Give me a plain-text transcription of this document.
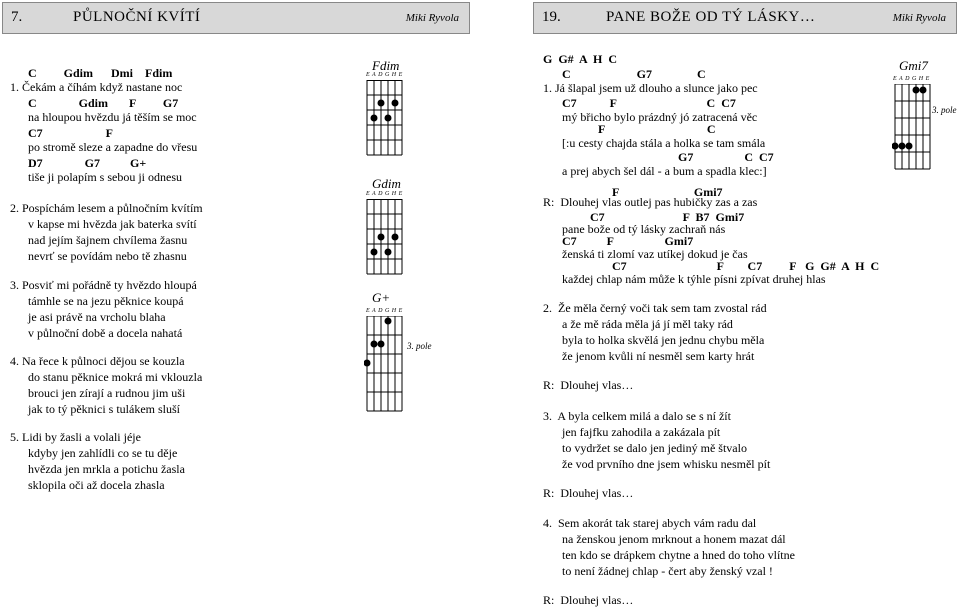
7.	PŮLNOČNÍ KVÍTÍ	Miki Ryvola	19.	PANE BOŽE OD TÝ LÁSKY…	Miki Ryvola
C         Gdim      Dmi    Fdim
1. Čekám a číhám když nastane noc
C              Gdim       F         G7
na hloupou hvězdu já těším se moc
C7                     F
po stromě sleze a zapadne do vřesu
D7              G7          G+
tiše ji polapím s sebou ji odnesu
2. Pospíchám lesem a půlnočním kvítím
v kapse mi hvězda jak baterka svítí
nad jejím šajnem chvílema žasnu
nevrť se povídám nebo tě zhasnu
3. Posviť mi pořádně ty hvězdo hloupá
támhle se na jezu pěknice koupá
je asi právě na vrcholu blaha
v půlnoční době a docela nahatá
4. Na řece k půlnoci dějou se kouzla
do stanu pěknice mokrá mi vklouzla
brouci jen zírají a rudnou jim uši
jak to tý pěknici s tulákem sluší
5. Lidi by žasli a volali jéje
kdyby jen zahlídli co se tu děje
hvězda jen mrkla a potichu žasla
sklopila oči až docela zhasla
Fdim
E A D G H E
Gdim
E A D G H E
G+
E A D G H E
3. pole
G  G#  A  H  C
C                      G7               C
1. Já šlapal jsem už dlouho a slunce jako pec
C7           F                              C  C7
mý břicho bylo prázdný jó zatracená věc
F                                  C
[:u cesty chajda stála a holka se tam smála
G7                 C  C7
a prej abych šel dál - a bum a spadla klec:]
Gmi7
E A D G H E
3. pole
F                         Gmi7
R:  Dlouhej vlas outlej pas hubičky zas a zas
C7                          F  B7  Gmi7
pane bože od tý lásky zachraň nás
C7          F                 Gmi7
ženská ti zlomí vaz utíkej dokud je čas
C7                              F        C7         F   G  G#  A  H  C
každej chlap nám může k týhle písni zpívat druhej hlas
2.  Že měla černý voči tak sem tam zvostal rád
a že mě ráda měla já jí měl taky rád
byla to holka skvělá jen jednu chybu měla
že jenom kvůli ní nesměl sem karty hrát
R:  Dlouhej vlas…
3.  A byla celkem milá a dalo se s ní žít
jen fajfku zahodila a zakázala pít
to vydržet se dalo jen jediný mě štvalo
že vod prvního dne jsem whisku nesměl pít
R:  Dlouhej vlas…
4.  Sem akorát tak starej abych vám radu dal
na ženskou jenom mrknout a honem mazat dál
ten kdo se drápkem chytne a hned do toho vlítne
to není žádnej chlap - čert aby ženský vzal !
R:  Dlouhej vlas…
